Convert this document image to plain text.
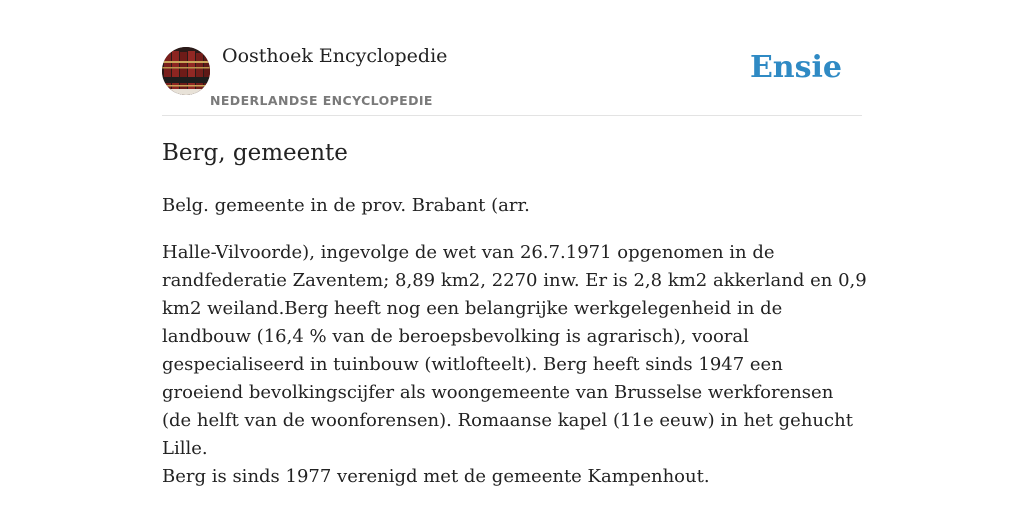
Oosthoek Encyclopedie
NEDERLANDSE ENCYCLOPEDIE
Ensie
Berg, gemeente

Belg. gemeente in de prov. Brabant (arr.

Halle-Vilvoorde), ingevolge de wet van 26.7.1971 opgenomen in de randfederatie Zaventem; 8,89 km2, 2270 inw. Er is 2,8 km2 akkerland en 0,9 km2 weiland.Berg heeft nog een belangrijke werkgelegenheid in de landbouw (16,4 % van de beroepsbevolking is agrarisch), vooral gespecialiseerd in tuinbouw (witlofteelt). Berg heeft sinds 1947 een groeiend bevolkingscijfer als woongemeente van Brusselse werkforensen (de helft van de woonforensen). Romaanse kapel (11e eeuw) in het gehucht Lille.

Berg is sinds 1977 verenigd met de gemeente Kampenhout.
